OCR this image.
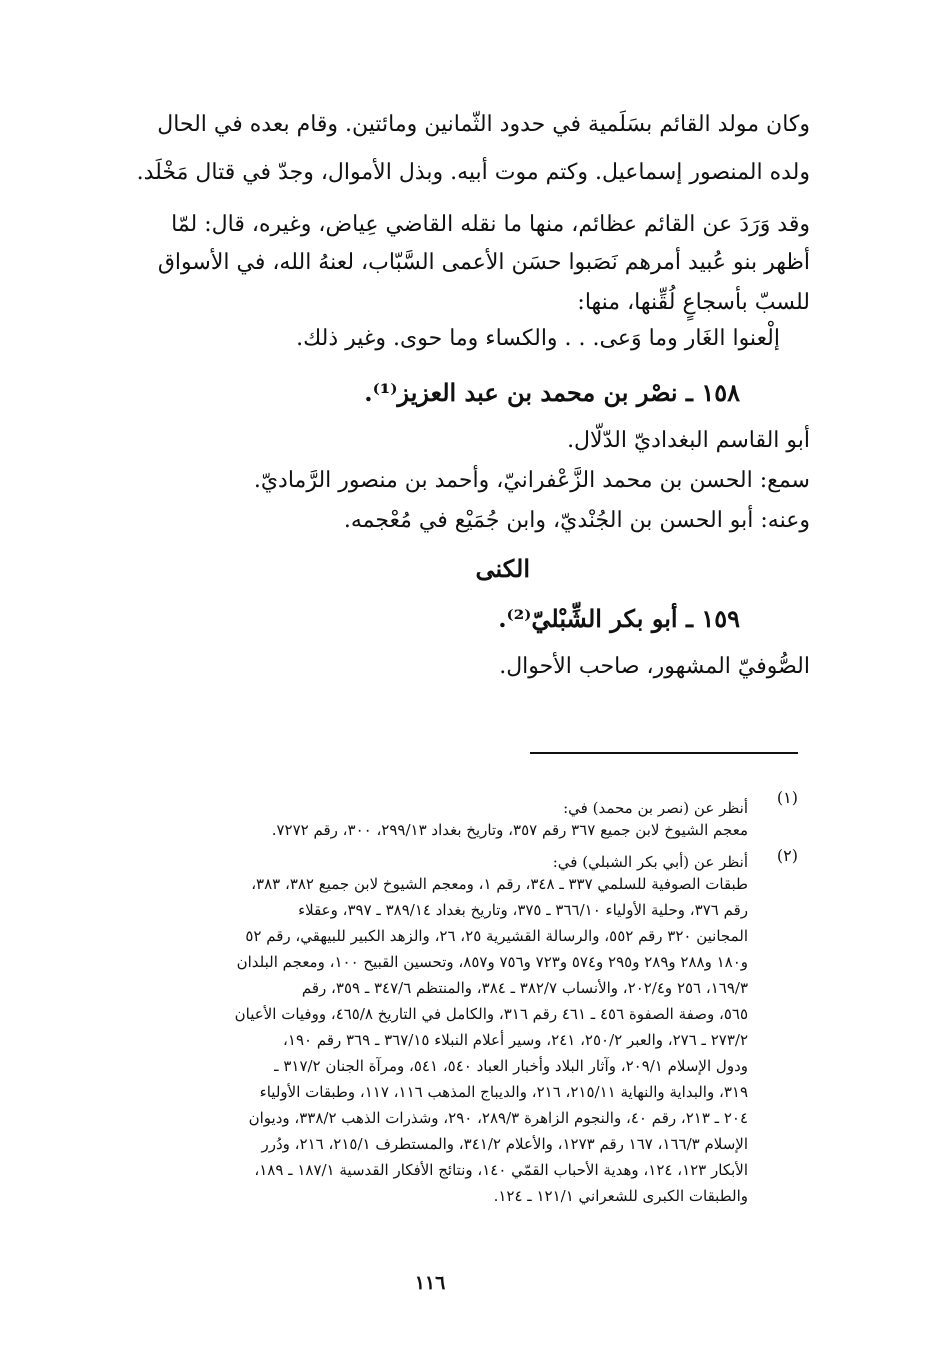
وكان مولد القائم بسَلَمية في حدود الثّمانين ومائتين. وقام بعده في الحال

ولده المنصور إسماعيل. وكتم موت أبيه. وبذل الأموال، وجدّ في قتال مَخْلَد.

وقد وَرَدَ عن القائم عظائم، منها ما نقله القاضي عِياض، وغيره، قال: لمّا

أظهر بنو عُبيد أمرهم نَصَبوا حسَن الأعمى السَّبّاب، لعنهُ الله، في الأسواق

للسبّ بأسجاعٍ لُقِّنها، منها:

إلْعنوا الغَار وما وَعى. . . والكساء وما حوى. وغير ذلك.

١٥٨ ـ نصْر بن محمد بن عبد العزيز⁽¹⁾.

أبو القاسم البغداديّ الدّلّال.

سمع: الحسن بن محمد الزَّعْفرانيّ، وأحمد بن منصور الرَّماديّ.

وعنه: أبو الحسن بن الجُنْديّ، وابن جُمَيْع في مُعْجمه.

الكنى

١٥٩ ـ أبو بكر الشِّبْليّ⁽²⁾.

الصُّوفيّ المشهور، صاحب الأحوال.

(١)

أنظر عن (نصر بن محمد) في:

معجم الشيوخ لابن جميع ٣٦٧ رقم ٣٥٧، وتاريخ بغداد ٢٩٩/١٣، ٣٠٠، رقم ٧٢٧٢.

(٢)

أنظر عن (أبي بكر الشبلي) في:

طبقات الصوفية للسلمي ٣٣٧ ـ ٣٤٨، رقم ١، ومعجم الشيوخ لابن جميع ٣٨٢، ٣٨٣،

رقم ٣٧٦، وحلية الأولياء ٣٦٦/١٠ ـ ٣٧٥، وتاريخ بغداد ٣٨٩/١٤ ـ ٣٩٧، وعقلاء

المجانين ٣٢٠ رقم ٥٥٢، والرسالة القشيرية ٢٥، ٢٦، والزهد الكبير للبيهقي، رقم ٥٢

و١٨٠ و٢٨٨ و٢٨٩ و٢٩٥ و٥٧٤ و٧٢٣ و٧٥٦ و٨٥٧، وتحسين القبيح ١٠٠، ومعجم البلدان

١٦٩/٣، ٢٥٦ و٢٠٢/٤، والأنساب ٣٨٢/٧ ـ ٣٨٤، والمنتظم ٣٤٧/٦ ـ ٣٥٩، رقم

٥٦٥، وصفة الصفوة ٤٥٦ ـ ٤٦١ رقم ٣١٦، والكامل في التاريخ ٤٦٥/٨، ووفيات الأعيان

٢٧٣/٢ ـ ٢٧٦، والعبر ٢٥٠/٢، ٢٤١، وسير أعلام النبلاء ٣٦٧/١٥ ـ ٣٦٩ رقم ١٩٠،

ودول الإسلام ٢٠٩/١، وآثار البلاد وأخبار العباد ٥٤٠، ٥٤١، ومرآة الجنان ٣١٧/٢ ـ

٣١٩، والبداية والنهاية ٢١٥/١١، ٢١٦، والديباج المذهب ١١٦، ١١٧، وطبقات الأولياء

٢٠٤ ـ ٢١٣، رقم ٤٠، والنجوم الزاهرة ٢٨٩/٣، ٢٩٠، وشذرات الذهب ٣٣٨/٢، وديوان

الإسلام ١٦٦/٣، ١٦٧ رقم ١٢٧٣، والأعلام ٣٤١/٢، والمستطرف ٢١٥/١، ٢١٦، ودُرر

الأبكار ١٢٣، ١٢٤، وهدية الأحباب القمّي ١٤٠، ونتائج الأفكار القدسية ١٨٧/١ ـ ١٨٩،

والطبقات الكبرى للشعراني ١٢١/١ ـ ١٢٤.

١١٦
